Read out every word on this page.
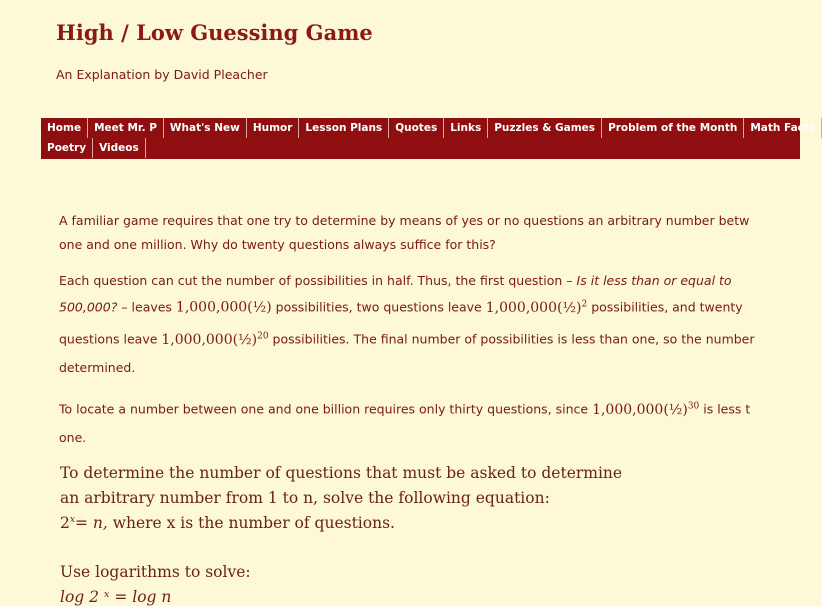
High / Low Guessing Game
An Explanation by David Pleacher
Home	Meet Mr. P	What's New	Humor	Lesson Plans	Quotes	Links	Puzzles & Games	Problem of the Month	Math Facts
Poetry	Videos
A familiar game requires that one try to determine by means of yes or no questions an arbitrary number betw
one and one million. Why do twenty questions always suffice for this?
Each question can cut the number of possibilities in half. Thus, the first question – Is it less than or equal to
500,000? – leaves 1,000,000(½) possibilities, two questions leave 1,000,000(½)$^2$ possibilities, and twenty
questions leave 1,000,000(½)$^{20}$ possibilities. The final number of possibilities is less than one, so the number
determined.
To locate a number between one and one billion requires only thirty questions, since 1,000,000(½)$^{30}$ is less t
one.
To determine the number of questions that must be asked to determine
an arbitrary number from 1 to n, solve the following equation:
$2^x= n$, where x is the number of questions.
Use logarithms to solve:
log 2 ˣ = log n
